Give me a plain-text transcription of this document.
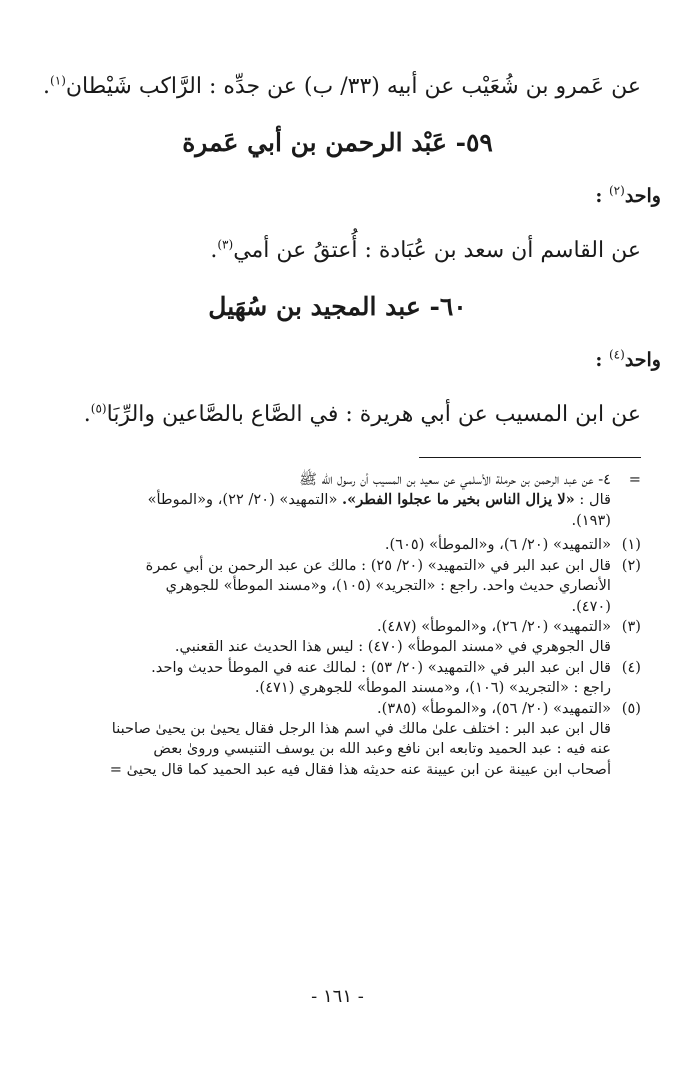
عن عَمرو بن شُعَيْب عن أبيه (٣٣/ ب) عن جدِّه : الرَّاكب شَيْطان$^{(١)}$.

٥٩- عَبْد الرحمن بن أبي عَمرة

واحد$^{(٢)}$ :

عن القاسم أن سعد بن عُبَادة : أُعتقُ عن أمي$^{(٣)}$.

٦٠- عبد المجيد بن سُهَيل

واحد$^{(٤)}$ :

عن ابن المسيب عن أبي هريرة : في الصَّاع بالصَّاعين والرِّبَا$^{(٥)}$.

=٤- عن عبد الرحمن بن حرملة الأسلمي عن سعيد بن المسيب أن رسول الله ﷺ

قال : «لا يزال الناس بخير ما عجلوا الفطر». «التمهيد» (٢٠/ ٢٢)، و«الموطأ»

(١٩٣).

(١)«التمهيد» (٢٠/ ٦)، و«الموطأ» (٦٠٥).

(٢)قال ابن عبد البر في «التمهيد» (٢٠/ ٢٥) : مالك عن عبد الرحمن بن أبي عمرة

الأنصاري حديث واحد. راجع : «التجريد» (١٠٥)، و«مسند الموطأ» للجوهري

(٤٧٠).

(٣)«التمهيد» (٢٠/ ٢٦)، و«الموطأ» (٤٨٧).

قال الجوهري في «مسند الموطأ» (٤٧٠) : ليس هذا الحديث عند القعنبي.

(٤)قال ابن عبد البر في «التمهيد» (٢٠/ ٥٣) : لمالك عنه في الموطأ حديث واحد.

راجع : «التجريد» (١٠٦)، و«مسند الموطأ» للجوهري (٤٧١).

(٥)«التمهيد» (٢٠/ ٥٦)، و«الموطأ» (٣٨٥).

قال ابن عبد البر : اختلف علىٰ مالك في اسم هذا الرجل فقال يحيىٰ بن يحيىٰ صاحبنا

عنه فيه : عبد الحميد وتابعه ابن نافع وعبد الله بن يوسف التنيسي وروىٰ بعض

أصحاب ابن عيينة عن ابن عيينة عنه حديثه هذا فقال فيه عبد الحميد كما قال يحيىٰ =

- ١٦١ -
